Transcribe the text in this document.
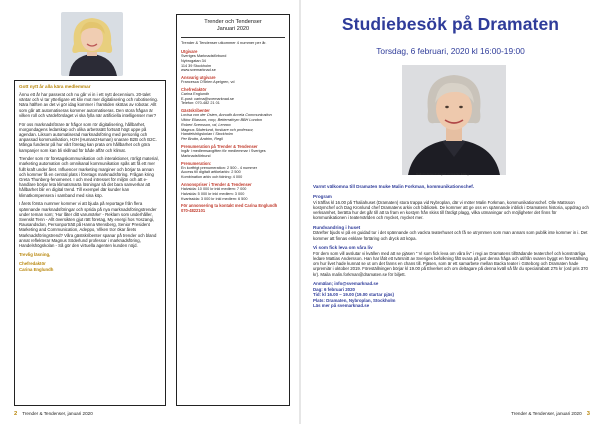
Gott nytt år alla kära medlemmar

Ännu ett år har passerat och nu går vi in i ett nytt decennium. 20-talet väntar och vi tar ytterligare ett kliv mot mer digitalisering och robotisering. Nära hälften av det vi gör idag kommer i framtiden skötas av robotar. Allt som går att automatiseras kommer automatiseras. Den stora frågan är vilken roll och värdeförslaget vi ska fylla när artificiella intelligenser mer?

För oss marknadsförare är frågor som rör digitalisering, hållbarhet, morgondagens ledarskap och olika arbetssätt fortsatt högt uppe på agendan. Liksom automatiserad marknadsföring med personlig och anpassad kommunikation, H2H (Human2Human) snarare B2B och B2C. Många funderar på hur vårt företag kan prata om hållbarhet och göra kampanjer som kan bli skillnad för både affär och klimat.

Trender som rör företagskommunikation och interaktioner, rörligt material, marketing automation och omnikanal kommunikation spås att få ett mer fullt kraft under året. Influencer marketing marginer och börjar ta annan och kommer få en central plats i företags marknadsföring. Frågan kring Greta Thunberg-fenomenet. I och med intresset för miljön och att e-handlare börjar leta klimatsmarta lösningar så det bara samverkar att hållbarhet blir en digital trend. Till exempel där kunder kan klimatkompensera i samband med sina köp.

I årets första nummer kommer vi att bjuda på reportage från flera spännande marknadsföringar och sprida på nya marknadsföringstrender under teman som; 'Hur låter ditt varumärke' - Reklam som underhåller, Svenskt Tenn - Allt översikten gjut rätt företag, My energi hos Yoszangi, Rausandsdon, Personporträtt på Hanna Wensberg, Senior President Marketing and Communication, Adeppo, Vilken tror ökar årets Marknadsföringstrend? Våra gästskribenter spanar på trender och bland annat reflekterar Magnus Söderlund professor i marknadsföring, Handelshögskolan - Så gör den virtuella agenten kunden nöjd.

Trevlig läsning,
Chefredaktör
Carina Englundh
Trender och Tendenser
Januari 2020
Trender & Tendenser utkommer 4 nummer per år.
Utgivare
Sveriges Marknadsförbund
Nybrogatan 34
114 39 Stockholm
www.svemarknad.se
Ansvarig utgivare
Francesca O'Brien Apelgren, vd
Chefredaktör
Carina Englundh
E-post: carina@svemarknad.se
Telefon: 070-482 21 01
Gästskribenter
Lovisa von der Osten, Annudh Accela Communication
Viktor Eliasson, corp, Betterrathym BBH London
Robert Svensson, vd, Lennox
Magnus Söderlund, forskare och professor, Handelshögskolan i Stockholm
Per Bruttn, Andrim, Regil
Prenumeration på Trender & Tendenser
Ingår i medlemsavgiften för medlemmar i Sveriges Marknadsförbund
Prenumeration:
En kortfrigt prenumeration: 2 500 - 4 nummer
Access till digitalt artikelarkiv: 2 500
Kombination arkiv och tidning: 4 000
Annonspriser i Trender & Tendenser
Halvsida: 10 000 kr inkl medlem: 7 000
Halvsida: 5 000 kr inkl medlem: 3 000
Kvartssida: 3 000 kr inkl medlem: 6 500
För annonsering ta kontakt med Carina Englundh 070-4822101
2 Trender & Tendenser, januari 2020
Studiebesök på Dramaten
Torsdag, 6 februari, 2020 kl 16:00-19:00
Malin Forkman Fotograf: Christoffer Edling
Varmt välkomna till Dramaten Inuke Malin Forkman, kommunikationschef.
Program

Vi träffas kl 16.00 på Thaliahuset (Dramaten) stora trappa vid Nybroplan, där vi möter Malin Forkman, kommunikationschef. Olle Mattsson kostymchef och Dag Kronlund chef Dramatens arkiv och bibliotek. De kommer att ge oss en spännande inblick i Dramatens historia, uppdrag och verksamhet, berätta hur det går till att ta fram en kostym från skiss till färdigt plagg, vilka utmaningar och möjligheter det finns för kommunikationen i teatervärlden och mycket, mycket mer.

Rundvandring i huset

Därefter bjuds vi på en guidad tur i det spännande och vackra teaterhuset och få se utrymmen som man annars som publik inte kommer in i. Det kommer att finnas enklare förtäring och dryck att köpa.

Vi som fick leva om våra liv

För dem som vill avslutar vi kvällen med att se pjäsen " Vi som fick leva om våra liv" i regi av Dramatens tillträdande teaterchef och konstnärliga ledare Mattias Andersson. Han har låtit ett tvärsnitt av Sveriges befolkning fått svara på just denna fråga och utifrån svaren byggt en föreställning om hur livet hade kunnat se ut om det fanns en chans till. Pjäsen, som är ett samarbete mellan Backa teater i Göteborg och Dramaten hade urpremiär i oktober 2019. Föreställningen börjar kl 19.00 på Elverket och om deltagare på denna kväll så får du specialrabatt 275 kr (ord pris 370 kr). Maila malin.forkman@dramaten.se för biljett.

Anmälan; info@svemarknad.se
Dag: 6 februari 2020
Tid: kl 16.00 – 19.00 (19.00 startar pjäs)
Plats: Dramaten, Nybroplan, Stockholm
Läs mer på svemarknad.se
Trender & Tendenser, januari 2020 3
